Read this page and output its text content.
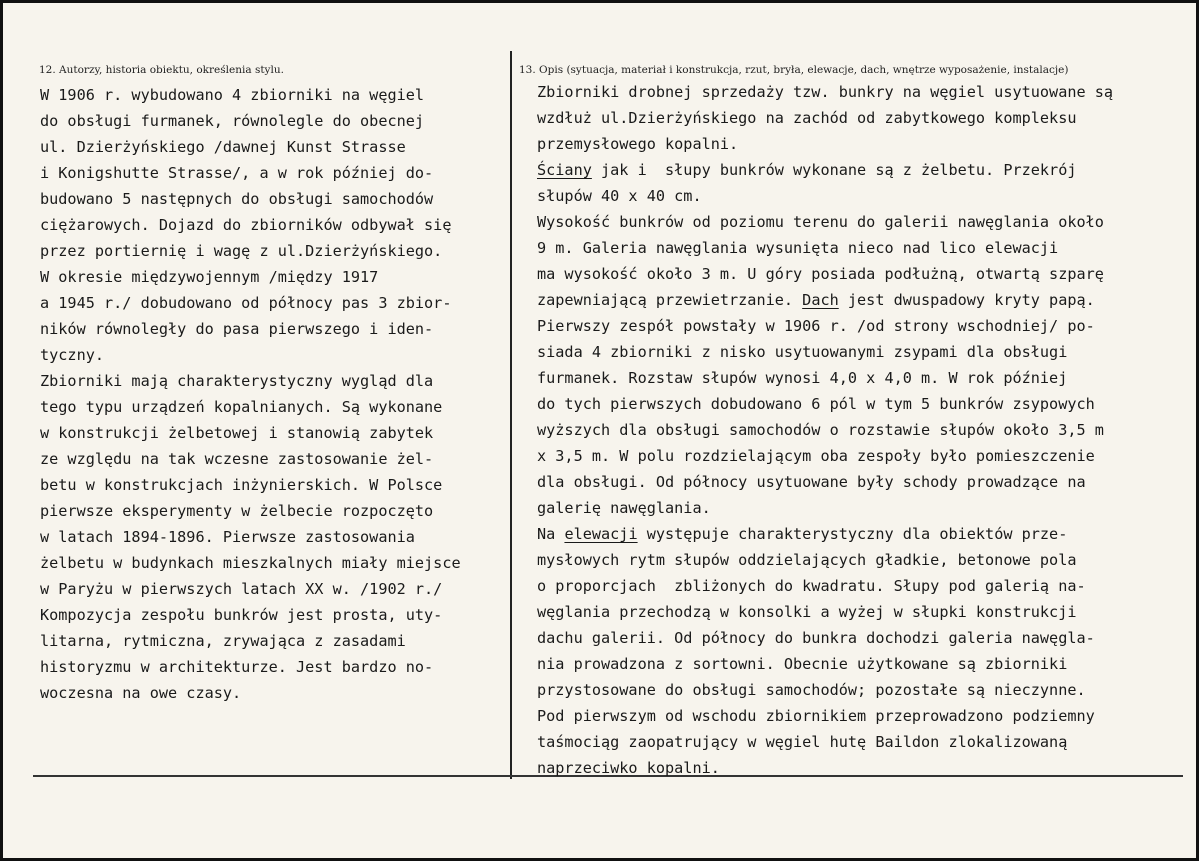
12. Autorzy, historia obiektu, określenia stylu.	13. Opis (sytuacja, materiał i konstrukcja, rzut, bryła, elewacje, dach, wnętrze wyposażenie, instalacje)
W 1906 r. wybudowano 4 zbiorniki na węgiel
do obsługi furmanek, równolegle do obecnej
ul. Dzierżyńskiego /dawnej Kunst Strasse
i Konigshutte Strasse/, a w rok później do-
budowano 5 następnych do obsługi samochodów
ciężarowych. Dojazd do zbiorników odbywał się
przez portiernię i wagę z ul.Dzierżyńskiego.
W okresie międzywojennym /między 1917
a 1945 r./ dobudowano od północy pas 3 zbior-
ników równoległy do pasa pierwszego i iden-
tyczny.
Zbiorniki mają charakterystyczny wygląd dla
tego typu urządzeń kopalnianych. Są wykonane
w konstrukcji żelbetowej i stanowią zabytek
ze względu na tak wczesne zastosowanie żel-
betu w konstrukcjach inżynierskich. W Polsce
pierwsze eksperymenty w żelbecie rozpoczęto
w latach 1894-1896. Pierwsze zastosowania
żelbetu w budynkach mieszkalnych miały miejsce
w Paryżu w pierwszych latach XX w. /1902 r./
Kompozycja zespołu bunkrów jest prosta, uty-
litarna, rytmiczna, zrywająca z zasadami
historyzmu w architekturze. Jest bardzo no-
woczesna na owe czasy.
Zbiorniki drobnej sprzedaży tzw. bunkry na węgiel usytuowane są
wzdłuż ul.Dzierżyńskiego na zachód od zabytkowego kompleksu
przemysłowego kopalni.
Ściany jak i  słupy bunkrów wykonane są z żelbetu. Przekrój
słupów 40 x 40 cm.
Wysokość bunkrów od poziomu terenu do galerii nawęglania około
9 m. Galeria nawęglania wysunięta nieco nad lico elewacji
ma wysokość około 3 m. U góry posiada podłużną, otwartą szparę
zapewniającą przewietrzanie. Dach jest dwuspadowy kryty papą.
Pierwszy zespół powstały w 1906 r. /od strony wschodniej/ po-
siada 4 zbiorniki z nisko usytuowanymi zsypami dla obsługi
furmanek. Rozstaw słupów wynosi 4,0 x 4,0 m. W rok później
do tych pierwszych dobudowano 6 pól w tym 5 bunkrów zsypowych
wyższych dla obsługi samochodów o rozstawie słupów około 3,5 m
x 3,5 m. W polu rozdzielającym oba zespoły było pomieszczenie
dla obsługi. Od północy usytuowane były schody prowadzące na
galerię nawęglania.
Na elewacji występuje charakterystyczny dla obiektów prze-
mysłowych rytm słupów oddzielających gładkie, betonowe pola
o proporcjach  zbliżonych do kwadratu. Słupy pod galerią na-
węglania przechodzą w konsolki a wyżej w słupki konstrukcji
dachu galerii. Od północy do bunkra dochodzi galeria nawęgla-
nia prowadzona z sortowni. Obecnie użytkowane są zbiorniki
przystosowane do obsługi samochodów; pozostałe są nieczynne.
Pod pierwszym od wschodu zbiornikiem przeprowadzono podziemny
taśmociąg zaopatrujący w węgiel hutę Baildon zlokalizowaną
naprzeciwko kopalni.
